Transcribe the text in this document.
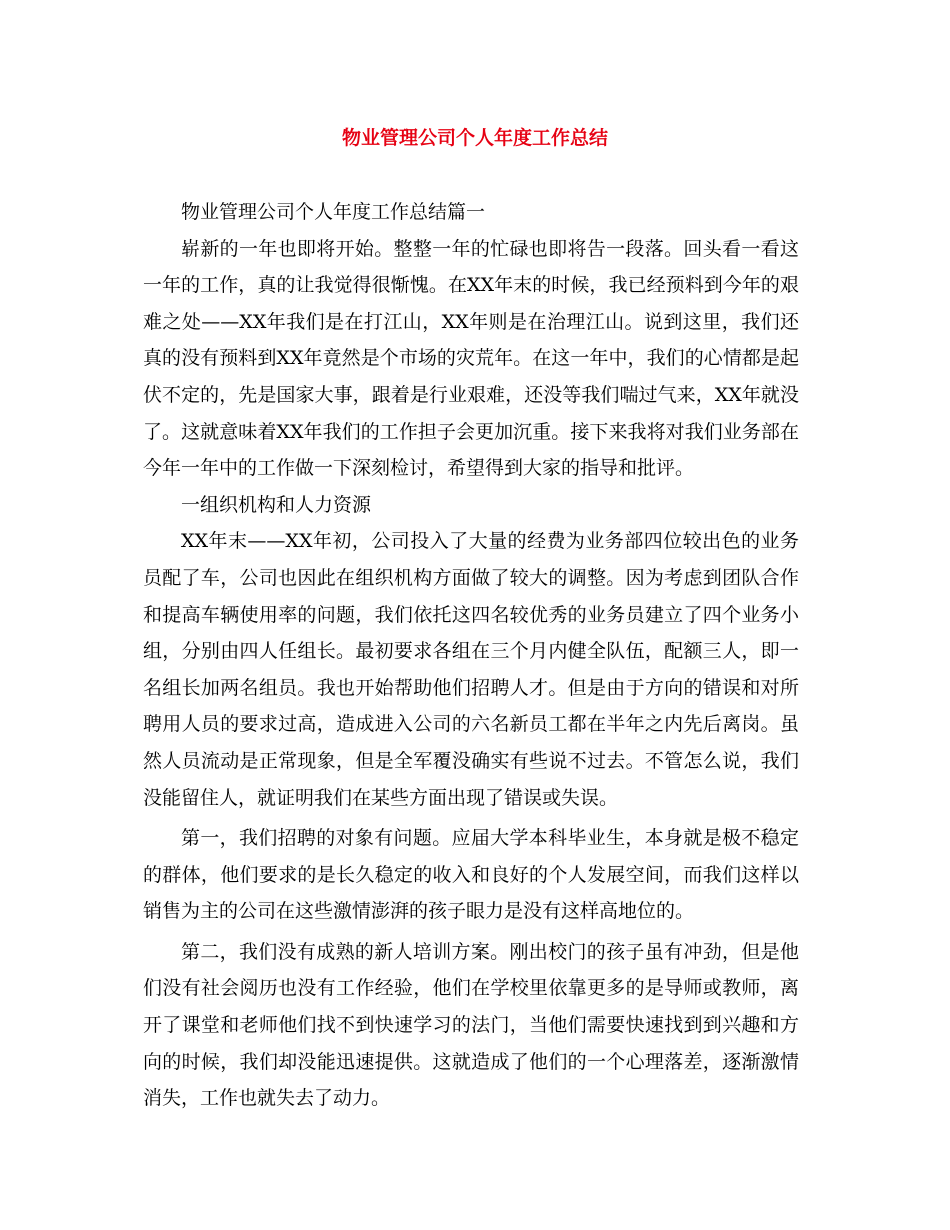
物业管理公司个人年度工作总结

物业管理公司个人年度工作总结篇一

崭新的一年也即将开始。整整一年的忙碌也即将告一段落。回头看一看这一年的工作，真的让我觉得很惭愧。在XX年末的时候，我已经预料到今年的艰难之处——XX年我们是在打江山，XX年则是在治理江山。说到这里，我们还真的没有预料到XX年竟然是个市场的灾荒年。在这一年中，我们的心情都是起伏不定的，先是国家大事，跟着是行业艰难，还没等我们喘过气来，XX年就没了。这就意味着XX年我们的工作担子会更加沉重。接下来我将对我们业务部在今年一年中的工作做一下深刻检讨，希望得到大家的指导和批评。

一组织机构和人力资源

XX年末——XX年初，公司投入了大量的经费为业务部四位较出色的业务员配了车，公司也因此在组织机构方面做了较大的调整。因为考虑到团队合作和提高车辆使用率的问题，我们依托这四名较优秀的业务员建立了四个业务小组，分别由四人任组长。最初要求各组在三个月内健全队伍，配额三人，即一名组长加两名组员。我也开始帮助他们招聘人才。但是由于方向的错误和对所聘用人员的要求过高，造成进入公司的六名新员工都在半年之内先后离岗。虽然人员流动是正常现象，但是全军覆没确实有些说不过去。不管怎么说，我们没能留住人，就证明我们在某些方面出现了错误或失误。

第一，我们招聘的对象有问题。应届大学本科毕业生，本身就是极不稳定的群体，他们要求的是长久稳定的收入和良好的个人发展空间，而我们这样以销售为主的公司在这些激情澎湃的孩子眼力是没有这样高地位的。

第二，我们没有成熟的新人培训方案。刚出校门的孩子虽有冲劲，但是他们没有社会阅历也没有工作经验，他们在学校里依靠更多的是导师或教师，离开了课堂和老师他们找不到快速学习的法门，当他们需要快速找到到兴趣和方向的时候，我们却没能迅速提供。这就造成了他们的一个心理落差，逐渐激情消失，工作也就失去了动力。
